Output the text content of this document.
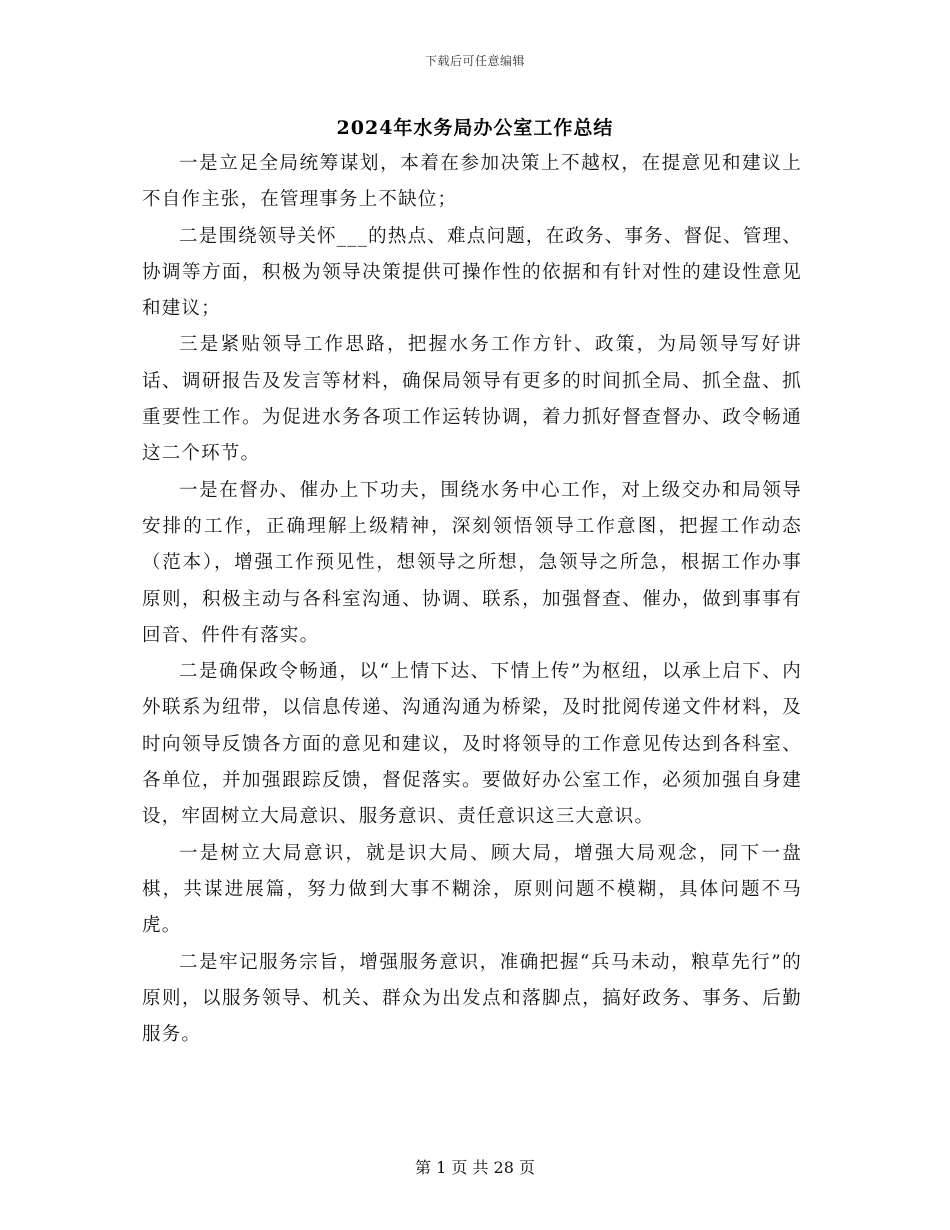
下载后可任意编辑
2024年水务局办公室工作总结

一是立足全局统筹谋划，本着在参加决策上不越权，在提意见和建议上不自作主张，在管理事务上不缺位；

二是围绕领导关怀___的热点、难点问题，在政务、事务、督促、管理、协调等方面，积极为领导决策提供可操作性的依据和有针对性的建设性意见和建议；

三是紧贴领导工作思路，把握水务工作方针、政策，为局领导写好讲话、调研报告及发言等材料，确保局领导有更多的时间抓全局、抓全盘、抓重要性工作。为促进水务各项工作运转协调，着力抓好督查督办、政令畅通这二个环节。

一是在督办、催办上下功夫，围绕水务中心工作，对上级交办和局领导安排的工作，正确理解上级精神，深刻领悟领导工作意图，把握工作动态（范本），增强工作预见性，想领导之所想，急领导之所急，根据工作办事原则，积极主动与各科室沟通、协调、联系，加强督查、催办，做到事事有回音、件件有落实。

二是确保政令畅通，以“上情下达、下情上传”为枢纽，以承上启下、内外联系为纽带，以信息传递、沟通沟通为桥梁，及时批阅传递文件材料，及时向领导反馈各方面的意见和建议，及时将领导的工作意见传达到各科室、各单位，并加强跟踪反馈，督促落实。要做好办公室工作，必须加强自身建设，牢固树立大局意识、服务意识、责任意识这三大意识。

一是树立大局意识，就是识大局、顾大局，增强大局观念，同下一盘棋，共谋进展篇，努力做到大事不糊涂，原则问题不模糊，具体问题不马虎。

二是牢记服务宗旨，增强服务意识，准确把握“兵马未动，粮草先行”的原则，以服务领导、机关、群众为出发点和落脚点，搞好政务、事务、后勤服务。

第 1 页 共 28 页
